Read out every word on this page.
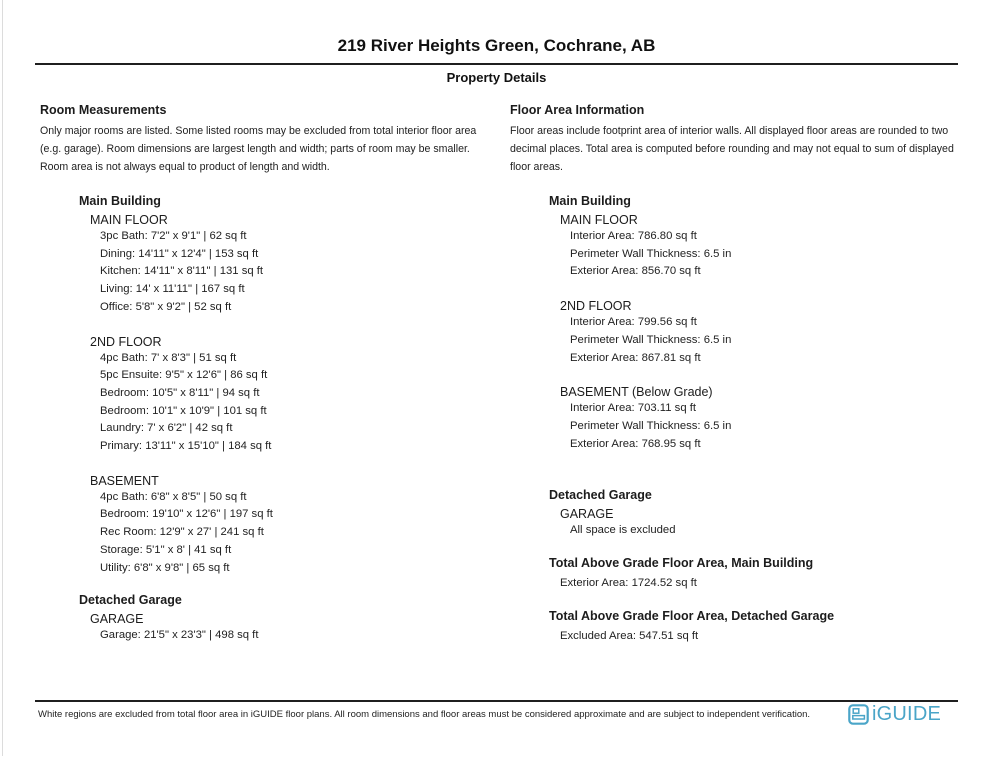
219 River Heights Green, Cochrane, AB
Property Details
Room Measurements
Only major rooms are listed. Some listed rooms may be excluded from total interior floor area
(e.g. garage). Room dimensions are largest length and width; parts of room may be smaller.
Room area is not always equal to product of length and width.
Main Building
MAIN FLOOR
3pc Bath: 7'2" x 9'1" | 62 sq ft
Dining: 14'11" x 12'4" | 153 sq ft
Kitchen: 14'11" x 8'11" | 131 sq ft
Living: 14' x 11'11" | 167 sq ft
Office: 5'8" x 9'2" | 52 sq ft
2ND FLOOR
4pc Bath: 7' x 8'3" | 51 sq ft
5pc Ensuite: 9'5" x 12'6" | 86 sq ft
Bedroom: 10'5" x 8'11" | 94 sq ft
Bedroom: 10'1" x 10'9" | 101 sq ft
Laundry: 7' x 6'2" | 42 sq ft
Primary: 13'11" x 15'10" | 184 sq ft
BASEMENT
4pc Bath: 6'8" x 8'5" | 50 sq ft
Bedroom: 19'10" x 12'6" | 197 sq ft
Rec Room: 12'9" x 27' | 241 sq ft
Storage: 5'1" x 8' | 41 sq ft
Utility: 6'8" x 9'8" | 65 sq ft
Detached Garage
GARAGE
Garage: 21'5" x 23'3" | 498 sq ft
Floor Area Information
Floor areas include footprint area of interior walls. All displayed floor areas are rounded to two
decimal places. Total area is computed before rounding and may not equal to sum of displayed
floor areas.
Main Building
MAIN FLOOR
Interior Area: 786.80 sq ft
Perimeter Wall Thickness: 6.5 in
Exterior Area: 856.70 sq ft
2ND FLOOR
Interior Area: 799.56 sq ft
Perimeter Wall Thickness: 6.5 in
Exterior Area: 867.81 sq ft
BASEMENT (Below Grade)
Interior Area: 703.11 sq ft
Perimeter Wall Thickness: 6.5 in
Exterior Area: 768.95 sq ft
Detached Garage
GARAGE
All space is excluded
Total Above Grade Floor Area, Main Building
Exterior Area: 1724.52 sq ft
Total Above Grade Floor Area, Detached Garage
Excluded Area: 547.51 sq ft
White regions are excluded from total floor area in iGUIDE floor plans. All room dimensions and floor areas must be considered approximate and are subject to independent verification.	iGUIDE
